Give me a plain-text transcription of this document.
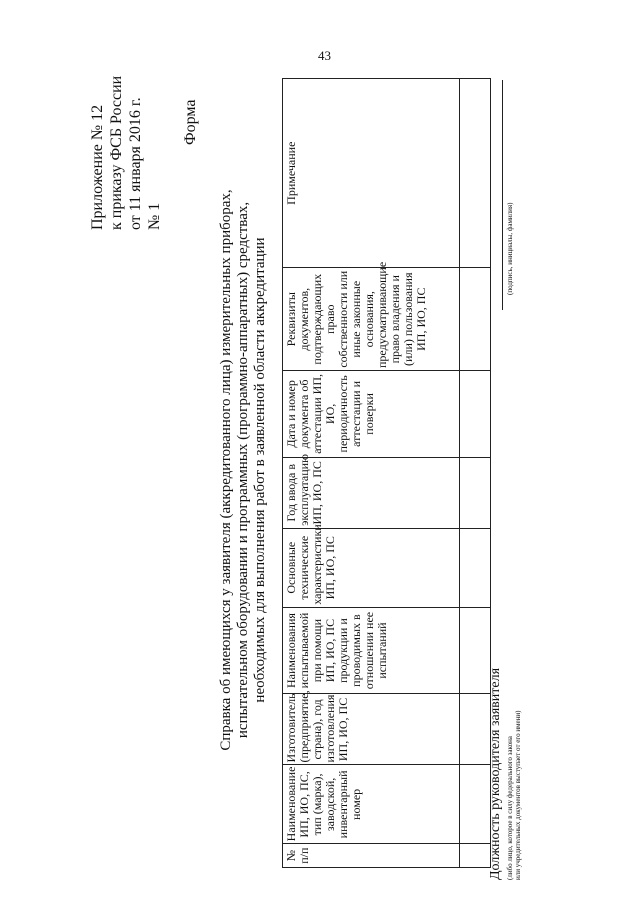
43
Приложение № 12 к приказу ФСБ России от 11 января 2016 г. № 1
Форма
Справка об имеющихся у заявителя (аккредитованного лица) измерительных приборах, испытательном оборудовании и программных (программно-аппаратных) средствах, необходимых для выполнения работ в заявленной области аккредитации
№ п/п	Наименование ИП, ИО, ПС, тип (марка), заводской, инвентарный номер	Изготовитель (предприятие, страна), год изготовления ИП, ИО, ПС	Наименования испытываемой при помощи ИП, ИО, ПС продукции и проводимых в отношении нее испытаний	Основные технические характеристики ИП, ИО, ПС	Год ввода в эксплуатацию ИП, ИО, ПС	Дата и номер документа об аттестации ИП, ИО, периодичность аттестации и поверки	Реквизиты документов, подтверждающих право собственности или иные законные основания, предусматривающие право владения и (или) пользования ИП, ИО, ПС	Примечание

Должность руководителя заявителя (либо лицо, которое в силу федерального закона или учредительных документов выступает от его имени)
(подпись, инициалы, фамилия)
